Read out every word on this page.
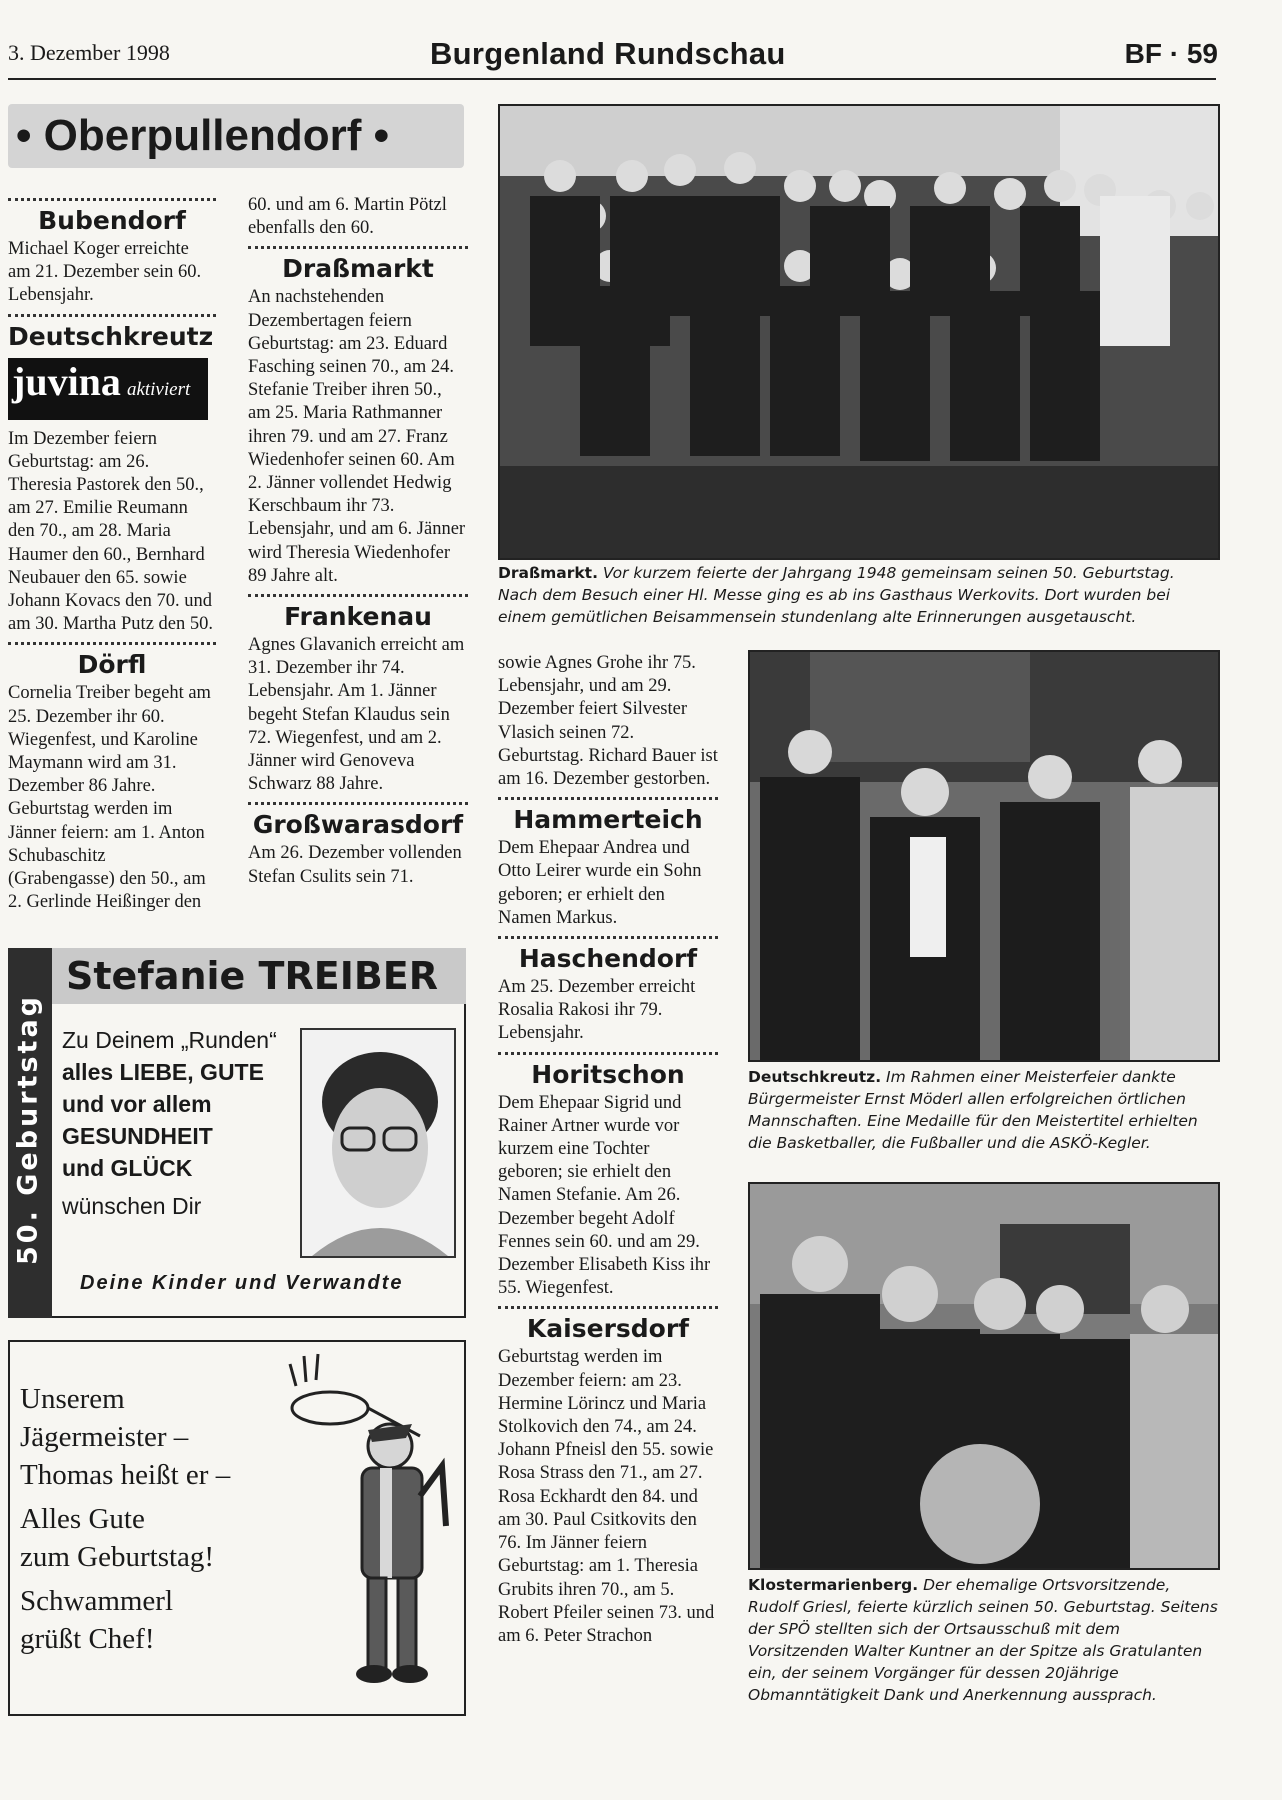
3. Dezember 1998	Burgenland Rundschau	BF · 59
• Oberpullendorf •
Bubendorf

Michael Koger erreichte am 21. Dezember sein 60. Lebensjahr.

Deutschkreutz
juvina aktiviert

Im Dezember feiern Geburtstag: am 26. Theresia Pastorek den 50., am 27. Emilie Reumann den 70., am 28. Maria Haumer den 60., Bernhard Neubauer den 65. sowie Johann Kovacs den 70. und am 30. Martha Putz den 50.

Dörfl

Cornelia Treiber begeht am 25. Dezember ihr 60. Wiegenfest, und Karoline Maymann wird am 31. Dezember 86 Jahre. Geburtstag werden im Jänner feiern: am 1. Anton Schubaschitz (Grabengasse) den 50., am 2. Gerlinde Heißinger den

60. und am 6. Martin Pötzl ebenfalls den 60.

Draßmarkt

An nachstehenden Dezembertagen feiern Geburtstag: am 23. Eduard Fasching seinen 70., am 24. Stefanie Treiber ihren 50., am 25. Maria Rathmanner ihren 79. und am 27. Franz Wiedenhofer seinen 60. Am 2. Jänner vollendet Hedwig Kerschbaum ihr 73. Lebensjahr, und am 6. Jänner wird Theresia Wiedenhofer 89 Jahre alt.

Frankenau

Agnes Glavanich erreicht am 31. Dezember ihr 74. Lebensjahr. Am 1. Jänner begeht Stefan Klaudus sein 72. Wiegenfest, und am 2. Jänner wird Genoveva Schwarz 88 Jahre.

Großwarasdorf

Am 26. Dezember vollenden Stefan Csulits sein 71.

Draßmarkt. Vor kurzem feierte der Jahrgang 1948 gemeinsam seinen 50. Geburtstag. Nach dem Besuch einer Hl. Messe ging es ab ins Gasthaus Werkovits. Dort wurden bei einem gemütlichen Beisammensein stundenlang alte Erinnerungen ausgetauscht.

sowie Agnes Grohe ihr 75. Lebensjahr, und am 29. Dezember feiert Silvester Vlasich seinen 72. Geburtstag. Richard Bauer ist am 16. Dezember gestorben.

Hammerteich

Dem Ehepaar Andrea und Otto Leirer wurde ein Sohn geboren; er erhielt den Namen Markus.

Haschendorf

Am 25. Dezember erreicht Rosalia Rakosi ihr 79. Lebensjahr.

Horitschon

Dem Ehepaar Sigrid und Rainer Artner wurde vor kurzem eine Tochter geboren; sie erhielt den Namen Stefanie. Am 26. Dezember begeht Adolf Fennes sein 60. und am 29. Dezember Elisabeth Kiss ihr 55. Wiegenfest.

Kaisersdorf

Geburtstag werden im Dezember feiern: am 23. Hermine Lörincz und Maria Stolkovich den 74., am 24. Johann Pfneisl den 55. sowie Rosa Strass den 71., am 27. Rosa Eckhardt den 84. und am 30. Paul Csitkovits den 76. Im Jänner feiern Geburtstag: am 1. Theresia Grubits ihren 70., am 5. Robert Pfeiler seinen 73. und am 6. Peter Strachon

Deutschkreutz. Im Rahmen einer Meisterfeier dankte Bürgermeister Ernst Möderl allen erfolgreichen örtlichen Mannschaften. Eine Medaille für den Meistertitel erhielten die Basketballer, die Fußballer und die ASKÖ-Kegler.
Klostermarienberg. Der ehemalige Ortsvorsitzende, Rudolf Griesl, feierte kürzlich seinen 50. Geburtstag. Seitens der SPÖ stellten sich der Ortsausschuß mit dem Vorsitzenden Walter Kuntner an der Spitze als Gratulanten ein, der seinem Vorgänger für dessen 20jährige Obmanntätigkeit Dank und Anerkennung aussprach.
50. Geburtstag
Stefanie TREIBER
Zu Deinem „Runden“
alles LIEBE, GUTE
und vor allem
GESUNDHEIT
und GLÜCK
wünschen Dir
Deine Kinder und Verwandte
Unserem
Jägermeister –
Thomas heißt er –
Alles Gute
zum Geburtstag!
Schwammerl
grüßt Chef!
